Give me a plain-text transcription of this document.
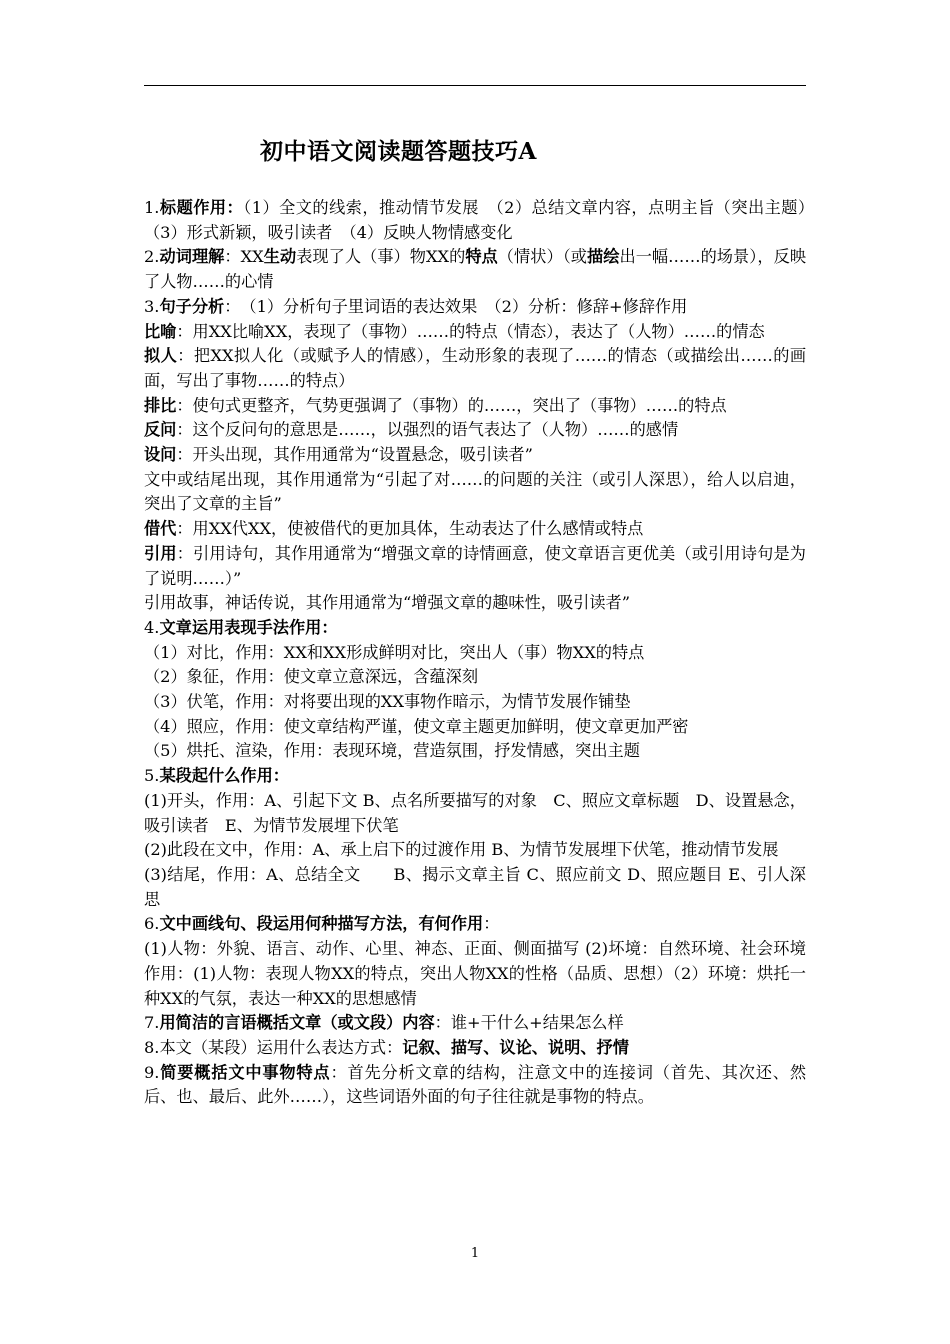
初中语文阅读题答题技巧A

1.标题作用：（1）全文的线索，推动情节发展　（2）总结文章内容，点明主旨（突出主题）　（3）形式新颖，吸引读者　（4）反映人物情感变化

2.动词理解：XX生动表现了人（事）物XX的特点（情状）（或描绘出一幅……的场景），反映了人物……的心情

3.句子分析：　（1）分析句子里词语的表达效果　（2）分析：修辞+修辞作用

比喻：用XX比喻XX，表现了（事物）……的特点（情态），表达了（人物）……的情态

拟人：把XX拟人化（或赋予人的情感），生动形象的表现了……的情态（或描绘出……的画面，写出了事物……的特点）

排比：使句式更整齐，气势更强调了（事物）的……，突出了（事物）……的特点

反问：这个反问句的意思是……，以强烈的语气表达了（人物）……的感情

设问：开头出现，其作用通常为“设置悬念，吸引读者”

文中或结尾出现，其作用通常为“引起了对……的问题的关注（或引人深思），给人以启迪，突出了文章的主旨”

借代：用XX代XX，使被借代的更加具体，生动表达了什么感情或特点

引用：引用诗句，其作用通常为“增强文章的诗情画意，使文章语言更优美（或引用诗句是为了说明……）”

引用故事，神话传说，其作用通常为“增强文章的趣味性，吸引读者”

4.文章运用表现手法作用：

（1）对比，作用：XX和XX形成鲜明对比，突出人（事）物XX的特点

（2）象征，作用：使文章立意深远，含蕴深刻

（3）伏笔，作用：对将要出现的XX事物作暗示，为情节发展作铺垫

（4）照应，作用：使文章结构严谨，使文章主题更加鲜明，使文章更加严密

（5）烘托、渲染，作用：表现环境，营造氛围，抒发情感，突出主题

5.某段起什么作用：

(1)开头，作用：A、引起下文 B、点名所要描写的对象　C、照应文章标题　D、设置悬念，吸引读者　E、为情节发展埋下伏笔

(2)此段在文中，作用：A、承上启下的过渡作用 B、为情节发展埋下伏笔，推动情节发展

(3)结尾，作用：A、总结全文　　B、揭示文章主旨 C、照应前文 D、照应题目 E、引人深思

6.文中画线句、段运用何种描写方法，有何作用：

(1)人物：外貌、语言、动作、心里、神态、正面、侧面描写 (2)坏境：自然环境、社会环境 作用：(1)人物：表现人物XX的特点，突出人物XX的性格（品质、思想）（2）环境：烘托一种XX的气氛，表达一种XX的思想感情

7.用简洁的言语概括文章（或文段）内容：谁+干什么+结果怎么样

8.本文（某段）运用什么表达方式：记叙、描写、议论、说明、抒情

9.简要概括文中事物特点：首先分析文章的结构，注意文中的连接词（首先、其次还、然后、也、最后、此外……），这些词语外面的句子往往就是事物的特点。

1
